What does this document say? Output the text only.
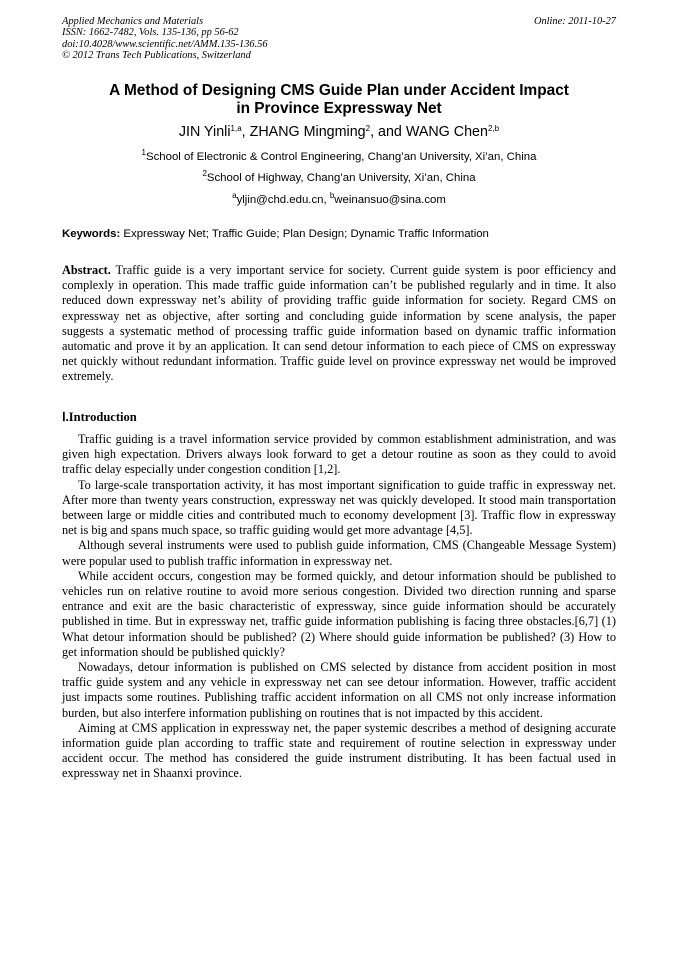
Applied Mechanics and Materials
ISSN: 1662-7482, Vols. 135-136, pp 56-62
doi:10.4028/www.scientific.net/AMM.135-136.56
© 2012 Trans Tech Publications, Switzerland
Online: 2011-10-27
A Method of Designing CMS Guide Plan under Accident Impact
in Province Expressway Net
JIN Yinli$^{1,a}$, ZHANG Mingming$^2$, and WANG Chen$^{2,b}$
$^1$School of Electronic & Control Engineering, Chang’an University, Xi’an, China
$^2$School of Highway, Chang’an University, Xi’an, China
$^a$yljin@chd.edu.cn, $^b$weinansuo@sina.com
Keywords: Expressway Net; Traffic Guide; Plan Design; Dynamic Traffic Information
Abstract. Traffic guide is a very important service for society. Current guide system is poor efficiency and complexly in operation. This made traffic guide information can’t be published regularly and in time. It also reduced down expressway net’s ability of providing traffic guide information for society. Regard CMS on expressway net as objective, after sorting and concluding guide information by scene analysis, the paper suggests a systematic method of processing traffic guide information based on dynamic traffic information automatic and prove it by an application. It can send detour information to each piece of CMS on expressway net quickly without redundant information. Traffic guide level on province expressway net would be improved extremely.
Ⅰ.Introduction

Traffic guiding is a travel information service provided by common establishment administration, and was given high expectation. Drivers always look forward to get a detour routine as soon as they could to avoid traffic delay especially under congestion condition [1,2].

To large-scale transportation activity, it has most important signification to guide traffic in expressway net. After more than twenty years construction, expressway net was quickly developed. It stood main transportation between large or middle cities and contributed much to economy development [3]. Traffic flow in expressway net is big and spans much space, so traffic guiding would get more advantage [4,5].

Although several instruments were used to publish guide information, CMS (Changeable Message System) were popular used to publish traffic information in expressway net.

While accident occurs, congestion may be formed quickly, and detour information should be published to vehicles run on relative routine to avoid more serious congestion. Divided two direction running and sparse entrance and exit are the basic characteristic of expressway, since guide information should be accurately published in time. But in expressway net, traffic guide information publishing is facing three obstacles.[6,7] (1) What detour information should be published? (2) Where should guide information be published? (3) How to get information should be published quickly?

Nowadays, detour information is published on CMS selected by distance from accident position in most traffic guide system and any vehicle in expressway net can see detour information. However, traffic accident just impacts some routines. Publishing traffic accident information on all CMS not only increase information burden, but also interfere information publishing on routines that is not impacted by this accident.

Aiming at CMS application in expressway net, the paper systemic describes a method of designing accurate information guide plan according to traffic state and requirement of routine selection in expressway under accident occur. The method has considered the guide instrument distributing. It has been factual used in expressway net in Shaanxi province.
